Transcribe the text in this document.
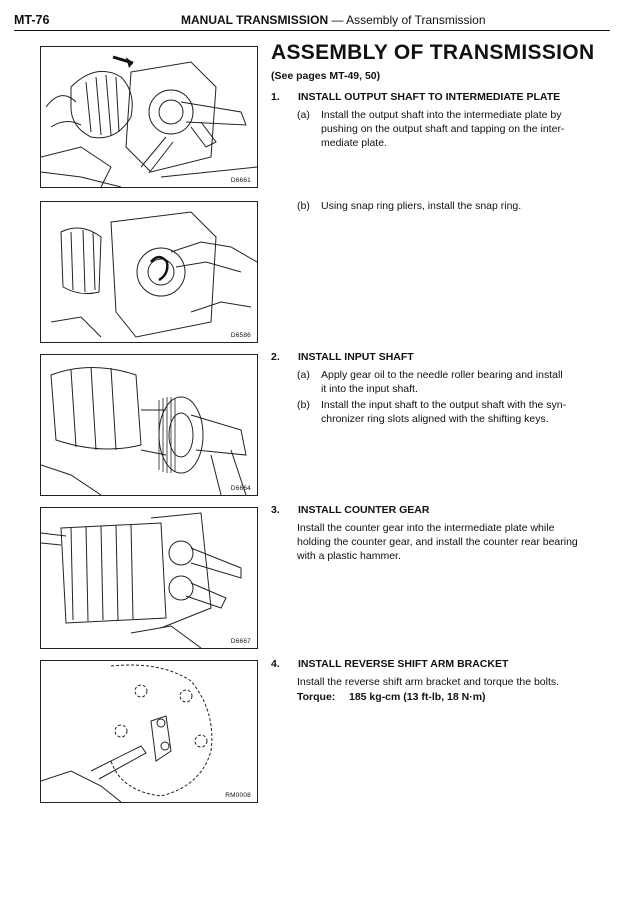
MT-76	MANUAL TRANSMISSION — Assembly of Transmission
D6661
D6586
D6664
D6667
RM0008
ASSEMBLY OF TRANSMISSION
(See pages MT-49, 50)
1. INSTALL OUTPUT SHAFT TO INTERMEDIATE PLATE
(a) Install the output shaft into the intermediate plate by
pushing on the output shaft and tapping on the inter-
mediate plate.
(b) Using snap ring pliers, install the snap ring.
2. INSTALL INPUT SHAFT
(a) Apply gear oil to the needle roller bearing and install
it into the input shaft.
(b) Install the input shaft to the output shaft with the syn-
chronizer ring slots aligned with the shifting keys.
3. INSTALL COUNTER GEAR
Install the counter gear into the intermediate plate while
holding the counter gear, and install the counter rear bearing
with a plastic hammer.
4. INSTALL REVERSE SHIFT ARM BRACKET
Install the reverse shift arm bracket and torque the bolts.
Torque: 185 kg-cm (13 ft-lb, 18 N·m)
